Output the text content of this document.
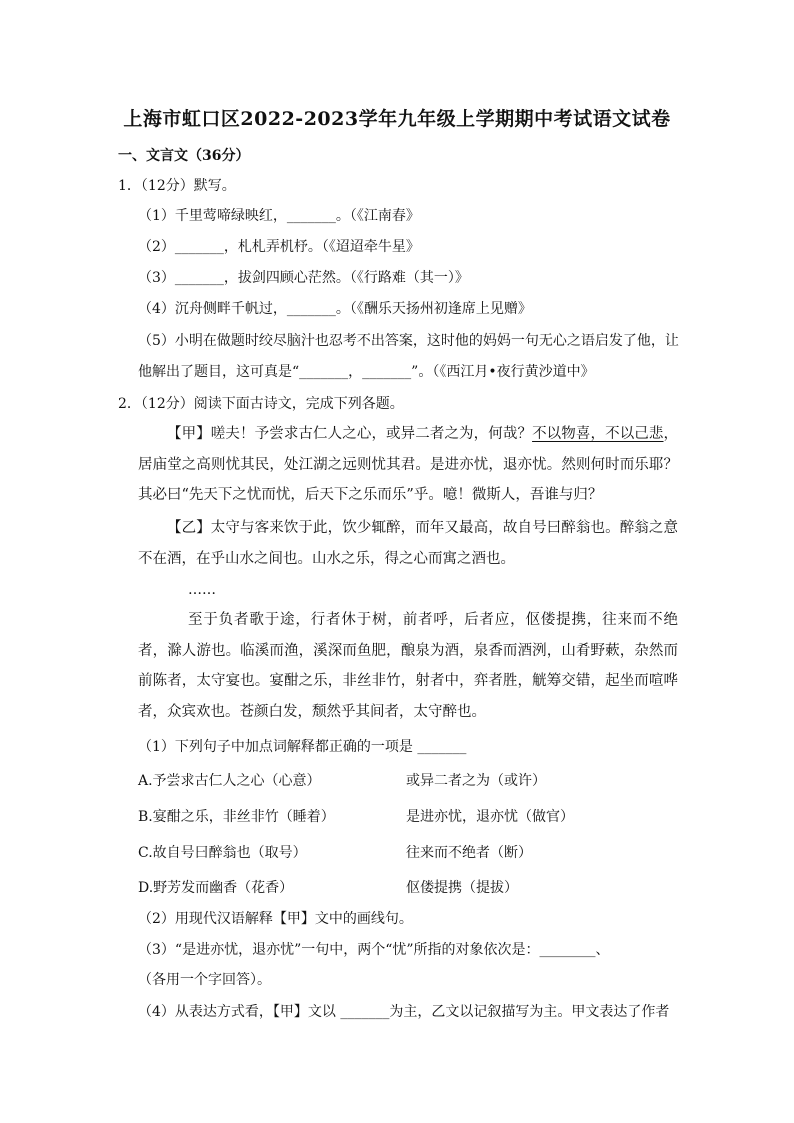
上海市虹口区2022-2023学年九年级上学期期中考试语文试卷
一、文言文（36分）
1．（12分）默写。
（1）千里莺啼绿映红，_______。（《江南春》
（2）_______，札札弄机杼。（《迢迢牵牛星》
（3）_______，拔剑四顾心茫然。（《行路难（其一）》
（4）沉舟侧畔千帆过，_______。（《酬乐天扬州初逢席上见赠》
（5）小明在做题时绞尽脑汁也忍考不出答案，这时他的妈妈一句无心之语启发了他，让
他解出了题目，这可真是“_______，_______”。（《西江月•夜行黄沙道中》
2．（12分）阅读下面古诗文，完成下列各题。

【甲】嗟夫！予尝求古仁人之心，或异二者之为，何哉？不以物喜，不以己悲，居庙堂之高则忧其民，处江湖之远则忧其君。是进亦忧，退亦忧。然则何时而乐耶？其必曰“先天下之忧而忧，后天下之乐而乐”乎。噫！微斯人，吾谁与归？

【乙】太守与客来饮于此，饮少辄醉，而年又最高，故自号曰醉翁也。醉翁之意不在酒，在乎山水之间也。山水之乐，得之心而寓之酒也。

……

至于负者歌于途，行者休于树，前者呼，后者应，伛偻提携，往来而不绝者，滁人游也。临溪而渔，溪深而鱼肥，酿泉为酒，泉香而酒洌，山肴野蔌，杂然而前陈者，太守宴也。宴酣之乐，非丝非竹，射者中，弈者胜，觥筹交错，起坐而喧哗者，众宾欢也。苍颜白发，颓然乎其间者，太守醉也。

（1）下列句子中加点词解释都正确的一项是 _______
A.予尝求古仁人之心（心意）	或异二者之为（或许）
B.宴酣之乐，非丝非竹（睡着）	是进亦忧，退亦忧（做官）
C.故自号曰醉翁也（取号）	往来而不绝者（断）
D.野芳发而幽香（花香）	伛偻提携（提拔）
（2）用现代汉语解释【甲】文中的画线句。
（3）“是进亦忧，退亦忧”一句中，两个“忧”所指的对象依次是：________、
（各用一个字回答）。
（4）从表达方式看，【甲】文以 _______为主，乙文以记叙描写为主。甲文表达了作者
